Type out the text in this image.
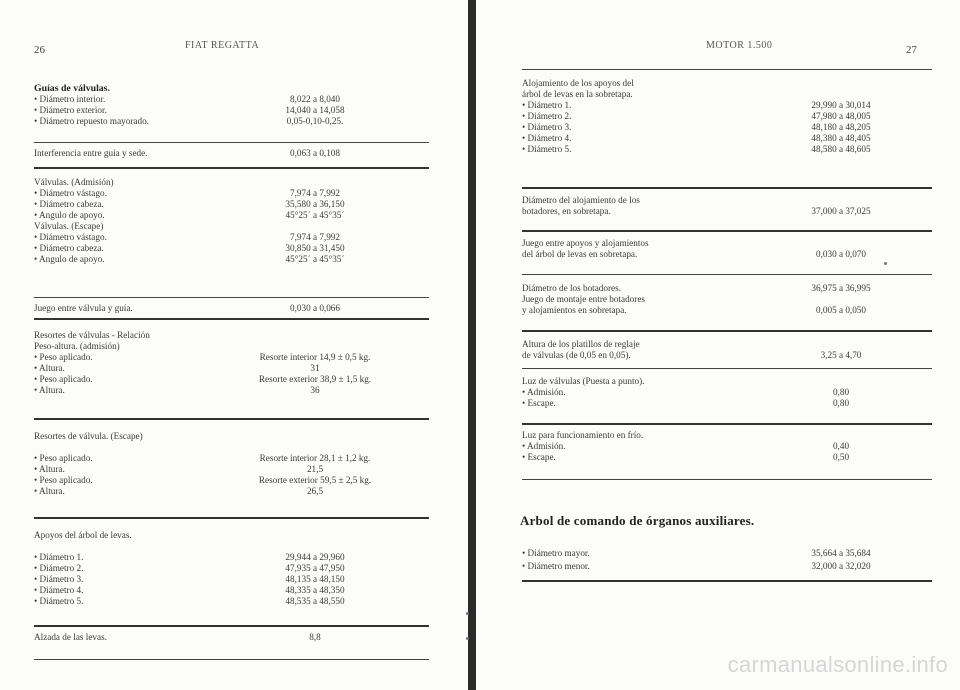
26	FIAT REGATTA
Guías de válvulas.
• Diámetro interior.	8,022 a 8,040
• Diámetro exterior.	14,040 a 14,058
• Diámetro repuesto mayorado.	0,05-0,10-0,25.
Interferencia entre guía y sede.	0,063 a 0,108
Válvulas. (Admisión)
• Diámetro vástago.	7,974 a 7,992
• Diámetro cabeza.	35,580 a 36,150
• Angulo de apoyo.	45°25´ a 45°35´
Válvulas. (Escape)
• Diámetro vástago.	7,974 a 7,992
• Diámetro cabeza.	30,850 a 31,450
• Angulo de apoyo.	45°25´ a 45°35´
Juego entre válvula y guía.	0,030 a 0,066
Resortes de válvulas - Relación
Peso-altura. (admisión)
• Peso aplicado.	Resorte interior 14,9 ± 0,5 kg.
• Altura.	31
• Peso aplicado.	Resorte exterior 38,9 ± 1,5 kg.
• Altura.	36
Resortes de válvula. (Escape)
• Peso aplicado.	Resorte interior 28,1 ± 1,2 kg.
• Altura.	21,5
• Peso aplicado.	Resorte exterior 59,5 ± 2,5 kg.
• Altura.	26,5
Apoyos del árbol de levas.
• Diámetro 1.	29,944 a 29,960
• Diámetro 2.	47,935 a 47,950
• Diámetro 3.	48,135 a 48,150
• Diámetro 4.	48,335 a 48,350
• Diámetro 5.	48,535 a 48,550
Alzada de las levas.	8,8
MOTOR 1.500	27
Alojamiento de los apoyos del
árbol de levas en la sobretapa.
• Diámetro 1.	29,990 a 30,014
• Diámetro 2.	47,980 a 48,005
• Diámetro 3.	48,180 a 48,205
• Diámetro 4.	48,380 a 48,405
• Diámetro 5.	48,580 a 48,605
Diámetro del alojamiento de los
botadores, en sobretapa.	37,000 a 37,025
Juego entre apoyos y alojamientos
del árbol de levas en sobretapa.	0,030 a 0,070
Diámetro de los botadores.	36,975 a 36,995
Juego de montaje entre botadores
y alojamientos en sobretapa.	0,005 a 0,050
Altura de los platillos de reglaje
de válvulas (de 0,05 en 0,05).	3,25 a 4,70
Luz de válvulas (Puesta a punto).
• Admisión.	0,80
• Escape.	0,80
Luz para funcionamiento en frío.
• Admisión.	0,40
• Escape.	0,50
• Diámetro mayor.	35,664 a 35,684
• Diámetro menor.	32,000 a 32,020
Arbol de comando de órganos auxiliares.
carmanualsonline.info
